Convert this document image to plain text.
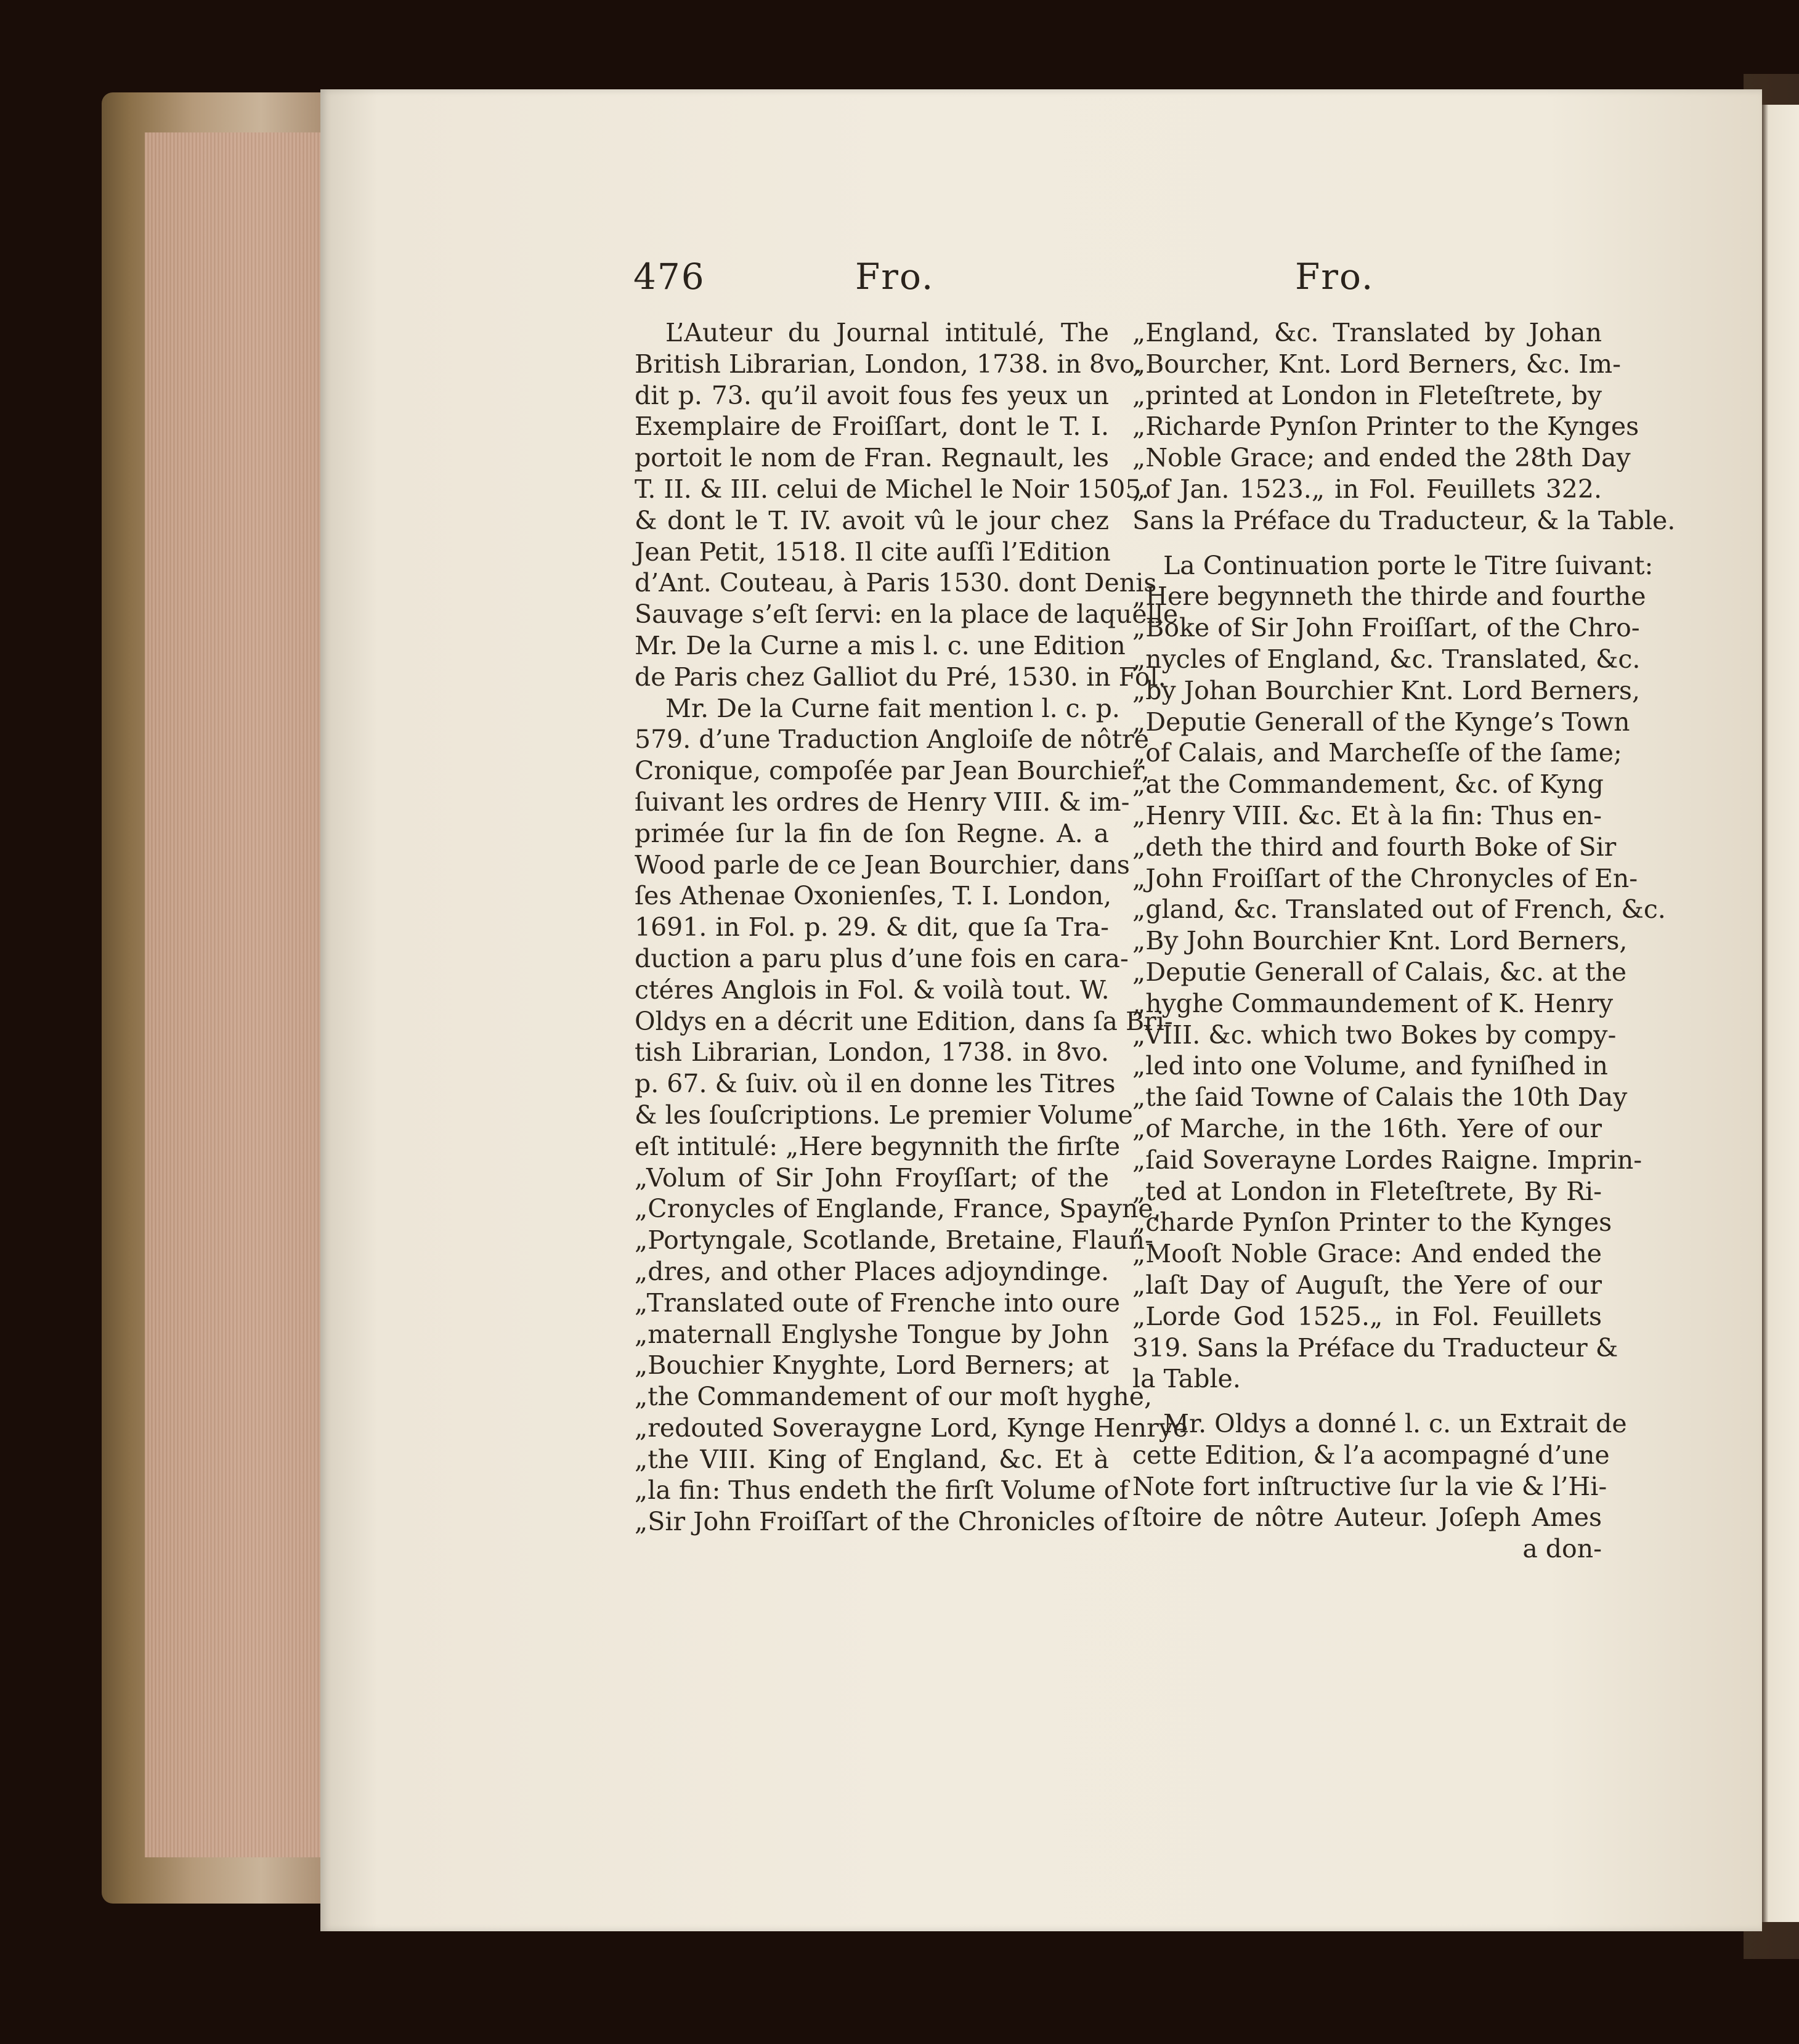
476	Fro.	Fro.
L’Auteur du Journal intitulé, The
British Librarian, London, 1738. in 8vo.
dit p. 73. qu’il avoit fous fes yeux un
Exemplaire de Froiſſart, dont le T. I.
portoit le nom de Fran. Regnault, les
T. II. & III. celui de Michel le Noir 1505.
& dont le T. IV. avoit vû le jour chez
Jean Petit, 1518. Il cite auſſi l’Edition
d’Ant. Couteau, à Paris 1530. dont Denis
Sauvage s’eſt ſervi: en la place de laquelle
Mr. De la Curne a mis l. c. une Edition
de Paris chez Galliot du Pré, 1530. in Fol.
Mr. De la Curne fait mention l. c. p.
579. d’une Traduction Angloiſe de nôtre
Cronique, compoſée par Jean Bourchier,
ſuivant les ordres de Henry VIII. & im-
primée ſur la fin de ſon Regne. A. a
Wood parle de ce Jean Bourchier, dans
ſes Athenae Oxonienſes, T. I. London,
1691. in Fol. p. 29. & dit, que ſa Tra-
duction a paru plus d’une fois en cara-
ctéres Anglois in Fol. & voilà tout. W.
Oldys en a décrit une Edition, dans ſa Bri-
tish Librarian, London, 1738. in 8vo.
p. 67. & ſuiv. où il en donne les Titres
& les ſouſcriptions. Le premier Volume
eſt intitulé: „Here begynnith the firſte
„Volum of Sir John Froyſſart; of the
„Cronycles of Englande, France, Spayne,
„Portyngale, Scotlande, Bretaine, Flaun-
„dres, and other Places adjoyndinge.
„Translated oute of Frenche into oure
„maternall Englyshe Tongue by John
„Bouchier Knyghte, Lord Berners; at
„the Commandement of our moſt hyghe,
„redouted Soveraygne Lord, Kynge Henrye
„the VIII. King of England, &c. Et à
„la fin: Thus endeth the firſt Volume of
„Sir John Froiſſart of the Chronicles of
„England, &c. Translated by Johan
„Bourcher, Knt. Lord Berners, &c. Im-
„printed at London in Fleteſtrete, by
„Richarde Pynſon Printer to the Kynges
„Noble Grace; and ended the 28th Day
„of Jan. 1523.„ in Fol. Feuillets 322.
Sans la Préface du Traducteur, & la Table.
La Continuation porte le Titre ſuivant:
„Here begynneth the thirde and fourthe
„Boke of Sir John Froiſſart, of the Chro-
„nycles of England, &c. Translated, &c.
„by Johan Bourchier Knt. Lord Berners,
„Deputie Generall of the Kynge’s Town
„of Calais, and Marcheſſe of the ſame;
„at the Commandement, &c. of Kyng
„Henry VIII. &c. Et à la fin: Thus en-
„deth the third and fourth Boke of Sir
„John Froiſſart of the Chronycles of En-
„gland, &c. Translated out of French, &c.
„By John Bourchier Knt. Lord Berners,
„Deputie Generall of Calais, &c. at the
„hyghe Commaundement of K. Henry
„VIII. &c. which two Bokes by compy-
„led into one Volume, and fyniſhed in
„the ſaid Towne of Calais the 10th Day
„of Marche, in the 16th. Yere of our
„ſaid Soverayne Lordes Raigne. Imprin-
„ted at London in Fleteſtrete, By Ri-
„charde Pynſon Printer to the Kynges
„Mooſt Noble Grace: And ended the
„laſt Day of Auguſt, the Yere of our
„Lorde God 1525.„ in Fol. Feuillets
319. Sans la Préface du Traducteur &
la Table.
Mr. Oldys a donné l. c. un Extrait de
cette Edition, & l’a acompagné d’une
Note fort inſtructive ſur la vie & l’Hi-
ſtoire de nôtre Auteur. Joſeph Ames
a don-
